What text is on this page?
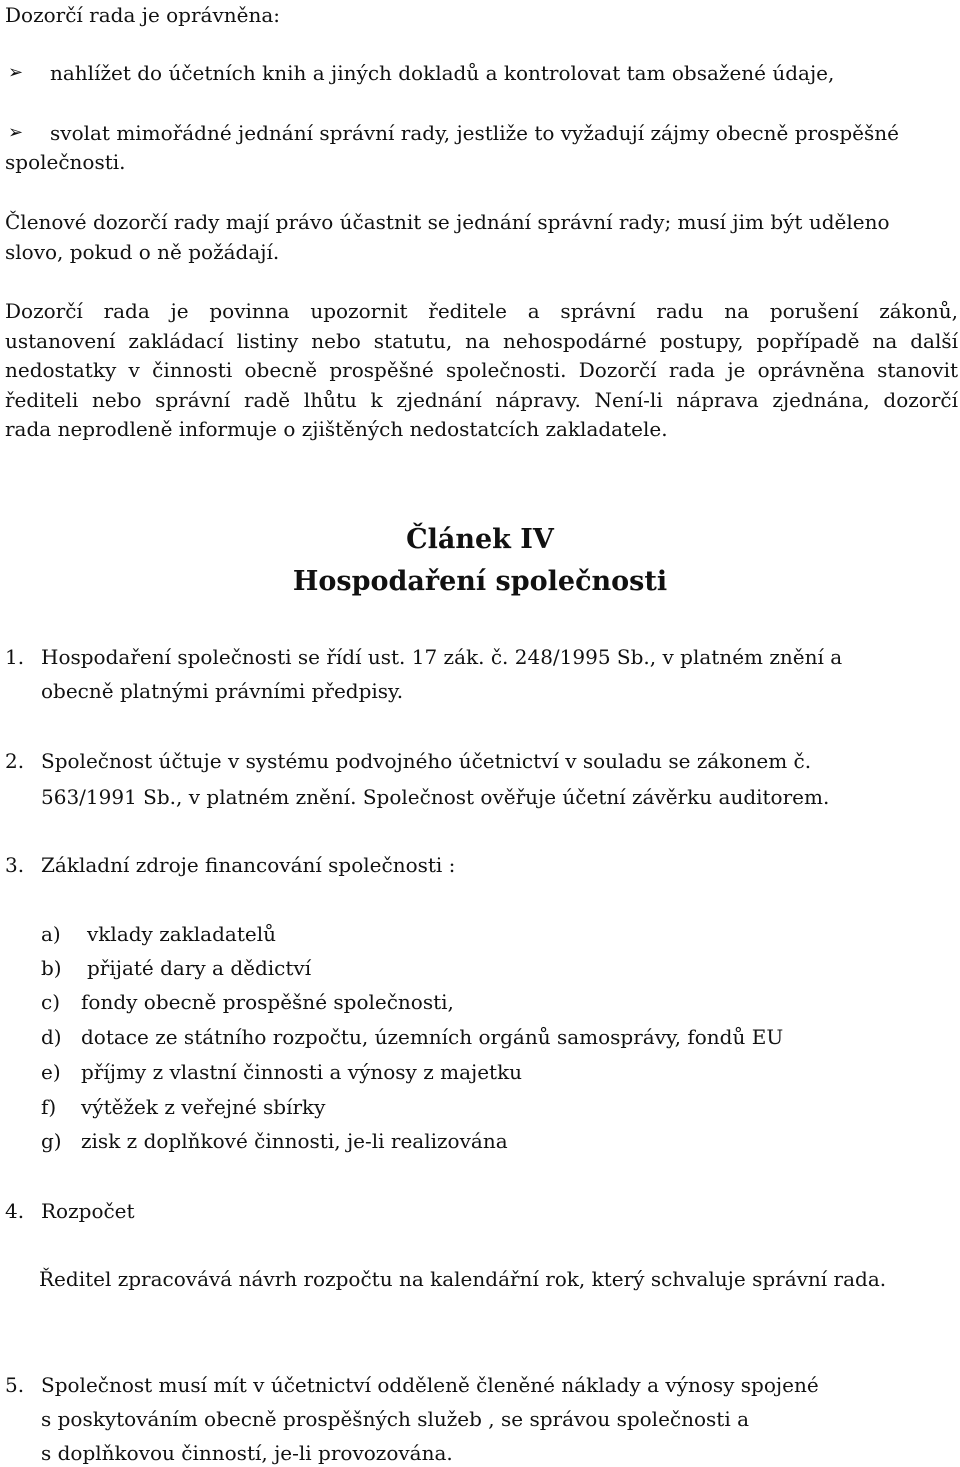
Dozorčí rada je oprávněna:
➢ nahlížet do účetních knih a jiných dokladů a kontrolovat tam obsažené údaje,
➢ svolat mimořádné jednání správní rady, jestliže to vyžadují zájmy obecně prospěšné
společnosti.
Členové dozorčí rady mají právo účastnit se jednání správní rady; musí jim být uděleno
slovo, pokud o ně požádají.
Dozorčí rada je povinna upozornit ředitele a správní radu na porušení zákonů,
ustanovení zakládací listiny nebo statutu, na nehospodárné postupy, popřípadě na další
nedostatky v činnosti obecně prospěšné společnosti. Dozorčí rada je oprávněna stanovit
řediteli nebo správní radě lhůtu k zjednání nápravy. Není-li náprava zjednána, dozorčí
rada neprodleně informuje o zjištěných nedostatcích zakladatele.
Článek IV
Hospodaření společnosti
1. Hospodaření společnosti se řídí ust. 17 zák. č. 248/1995 Sb., v platném znění a
obecně platnými právními předpisy.
2. Společnost účtuje v systému podvojného účetnictví v souladu se zákonem č.
563/1991 Sb., v platném znění. Společnost ověřuje účetní závěrku auditorem.
3. Základní zdroje financování společnosti :
a) vklady zakladatelů
b) přijaté dary a dědictví
c) fondy obecně prospěšné společnosti,
d) dotace ze státního rozpočtu, územních orgánů samosprávy, fondů EU
e) příjmy z vlastní činnosti a výnosy z majetku
f) výtěžek z veřejné sbírky
g) zisk z doplňkové činnosti, je-li realizována
4. Rozpočet
Ředitel zpracovává návrh rozpočtu na kalendářní rok, který schvaluje správní rada.
5. Společnost musí mít v účetnictví odděleně členěné náklady a výnosy spojené
s poskytováním obecně prospěšných služeb , se správou společnosti a
s doplňkovou činností, je-li provozována.
